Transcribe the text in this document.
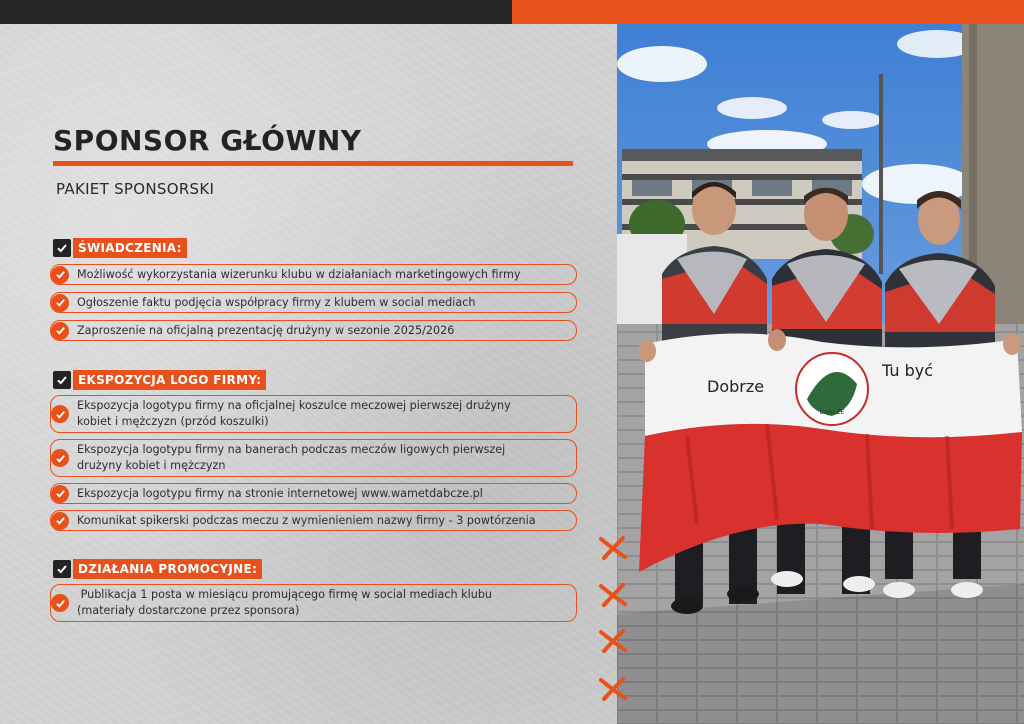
SPONSOR GŁÓWNY
PAKIET SPONSORSKI
ŚWIADCZENIA:
Możliwość wykorzystania wizerunku klubu w działaniach marketingowych firmy
Ogłoszenie faktu podjęcia współpracy firmy z klubem w social mediach
Zaproszenie na oficjalną prezentację drużyny w sezonie 2025/2026
EKSPOZYCJA LOGO FIRMY:
Ekspozycja logotypu firmy na oficjalnej koszulce meczowej pierwszej drużyny kobiet i mężczyzn (przód koszulki)
Ekspozycja logotypu firmy na banerach podczas meczów ligowych pierwszej drużyny kobiet i mężczyzn
Ekspozycja logotypu firmy na stronie internetowej www.wametdabcze.pl
Komunikat spikerski podczas meczu z wymienieniem nazwy firmy - 3 powtórzenia
DZIAŁANIA PROMOCYJNE:
Publikacja 1 posta w miesiącu promującego firmę w social mediach klubu (materiały dostarczone przez sponsora)
DĄBCZE
Dobrze
Tu być
